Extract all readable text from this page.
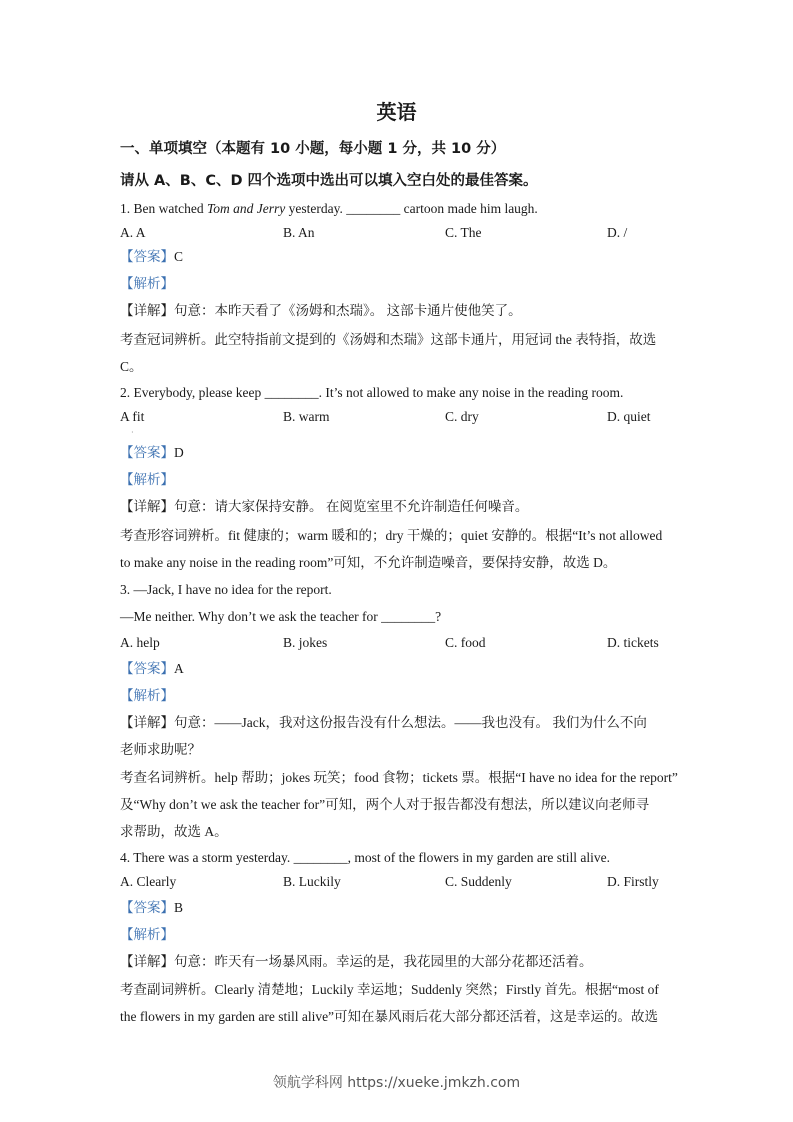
英语
一、单项填空（本题有 10 小题，每小题 1 分，共 10 分）
请从 A、B、C、D 四个选项中选出可以填入空白处的最佳答案。
1. Ben watched Tom and Jerry yesterday. ________ cartoon made him laugh.
A. A	B. An	C. The	D. /
【答案】C
【解析】
【详解】句意：本昨天看了《汤姆和杰瑞》。 这部卡通片使他笑了。
考查冠词辨析。此空特指前文提到的《汤姆和杰瑞》这部卡通片，用冠词 the 表特指，故选
C。
2. Everybody, please keep ________. It’s not allowed to make any noise in the reading room.
A fit	B. warm	C. dry	D. quiet
·
【答案】D
【解析】
【详解】句意：请大家保持安静。 在阅览室里不允许制造任何噪音。
考查形容词辨析。fit 健康的；warm 暖和的；dry 干燥的；quiet 安静的。根据“It’s not allowed
to make any noise in the reading room”可知，不允许制造噪音，要保持安静，故选 D。
3. —Jack, I have no idea for the report.
—Me neither. Why don’t we ask the teacher for ________?
A. help	B. jokes	C. food	D. tickets
【答案】A
【解析】
【详解】句意：——Jack，我对这份报告没有什么想法。——我也没有。 我们为什么不向
老师求助呢？
考查名词辨析。help 帮助；jokes 玩笑；food 食物；tickets 票。根据“I have no idea for the report”
及“Why don’t we ask the teacher for”可知，两个人对于报告都没有想法，所以建议向老师寻
求帮助，故选 A。
4. There was a storm yesterday. ________, most of the flowers in my garden are still alive.
A. Clearly	B. Luckily	C. Suddenly	D. Firstly
【答案】B
【解析】
【详解】句意：昨天有一场暴风雨。幸运的是，我花园里的大部分花都还活着。
考查副词辨析。Clearly 清楚地；Luckily 幸运地；Suddenly 突然；Firstly 首先。根据“most of
the flowers in my garden are still alive”可知在暴风雨后花大部分都还活着，这是幸运的。故选
领航学科网 https://xueke.jmkzh.com
